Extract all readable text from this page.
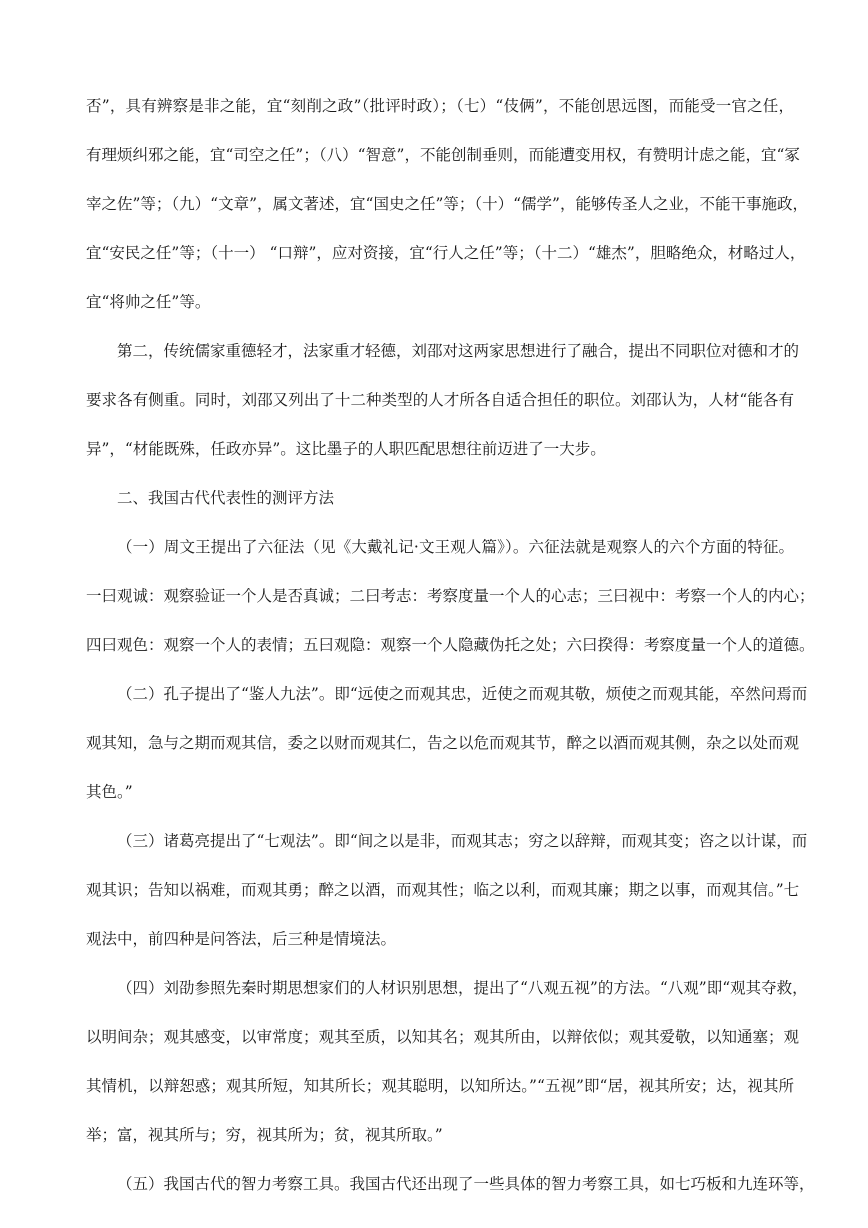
否”，具有辨察是非之能，宜“刻削之政”（批评时政）；（七）“伎俩”，不能创思远图，而能受一官之任，
有理烦纠邪之能，宜“司空之任”；（八）“智意”，不能创制垂则，而能遭变用权，有赞明计虑之能，宜“冢
宰之佐”等；（九）“文章”，属文著述，宜“国史之任”等；（十）“儒学”，能够传圣人之业，不能干事施政，
宜“安民之任”等；（十一） “口辩”，应对资接，宜“行人之任”等；（十二）“雄杰”，胆略绝众，材略过人，
宜“将帅之任”等。
第二，传统儒家重德轻才，法家重才轻德，刘邵对这两家思想进行了融合，提出不同职位对德和才的
要求各有侧重。同时，刘邵又列出了十二种类型的人才所各自适合担任的职位。刘邵认为，人材“能各有
异”，“材能既殊，任政亦异”。这比墨子的人职匹配思想往前迈进了一大步。
二、我国古代代表性的测评方法
（一）周文王提出了六征法（见《大戴礼记·文王观人篇》）。六征法就是观察人的六个方面的特征。
一曰观诚：观察验证一个人是否真诚；二曰考志：考察度量一个人的心志；三曰视中：考察一个人的内心；
四曰观色：观察一个人的表情；五曰观隐：观察一个人隐藏伪托之处；六曰揆得：考察度量一个人的道德。
（二）孔子提出了“鉴人九法”。即“远使之而观其忠，近使之而观其敬，烦使之而观其能，卒然问焉而
观其知，急与之期而观其信，委之以财而观其仁，告之以危而观其节，醉之以酒而观其侧，杂之以处而观
其色。”
（三）诸葛亮提出了“七观法”。即“间之以是非，而观其志；穷之以辞辩，而观其变；咨之以计谋，而
观其识；告知以祸难，而观其勇；醉之以酒，而观其性；临之以利，而观其廉；期之以事，而观其信。”七
观法中，前四种是问答法，后三种是情境法。
（四）刘劭参照先秦时期思想家们的人材识别思想，提出了“八观五视”的方法。“八观”即“观其夺救，
以明间杂；观其感变，以审常度；观其至质，以知其名；观其所由，以辩依似；观其爱敬，以知通塞；观
其情机，以辩恕惑；观其所短，知其所长；观其聪明，以知所达。”“五视”即“居，视其所安；达，视其所
举；富，视其所与；穷，视其所为；贫，视其所取。”
（五）我国古代的智力考察工具。我国古代还出现了一些具体的智力考察工具，如七巧板和九连环等，
